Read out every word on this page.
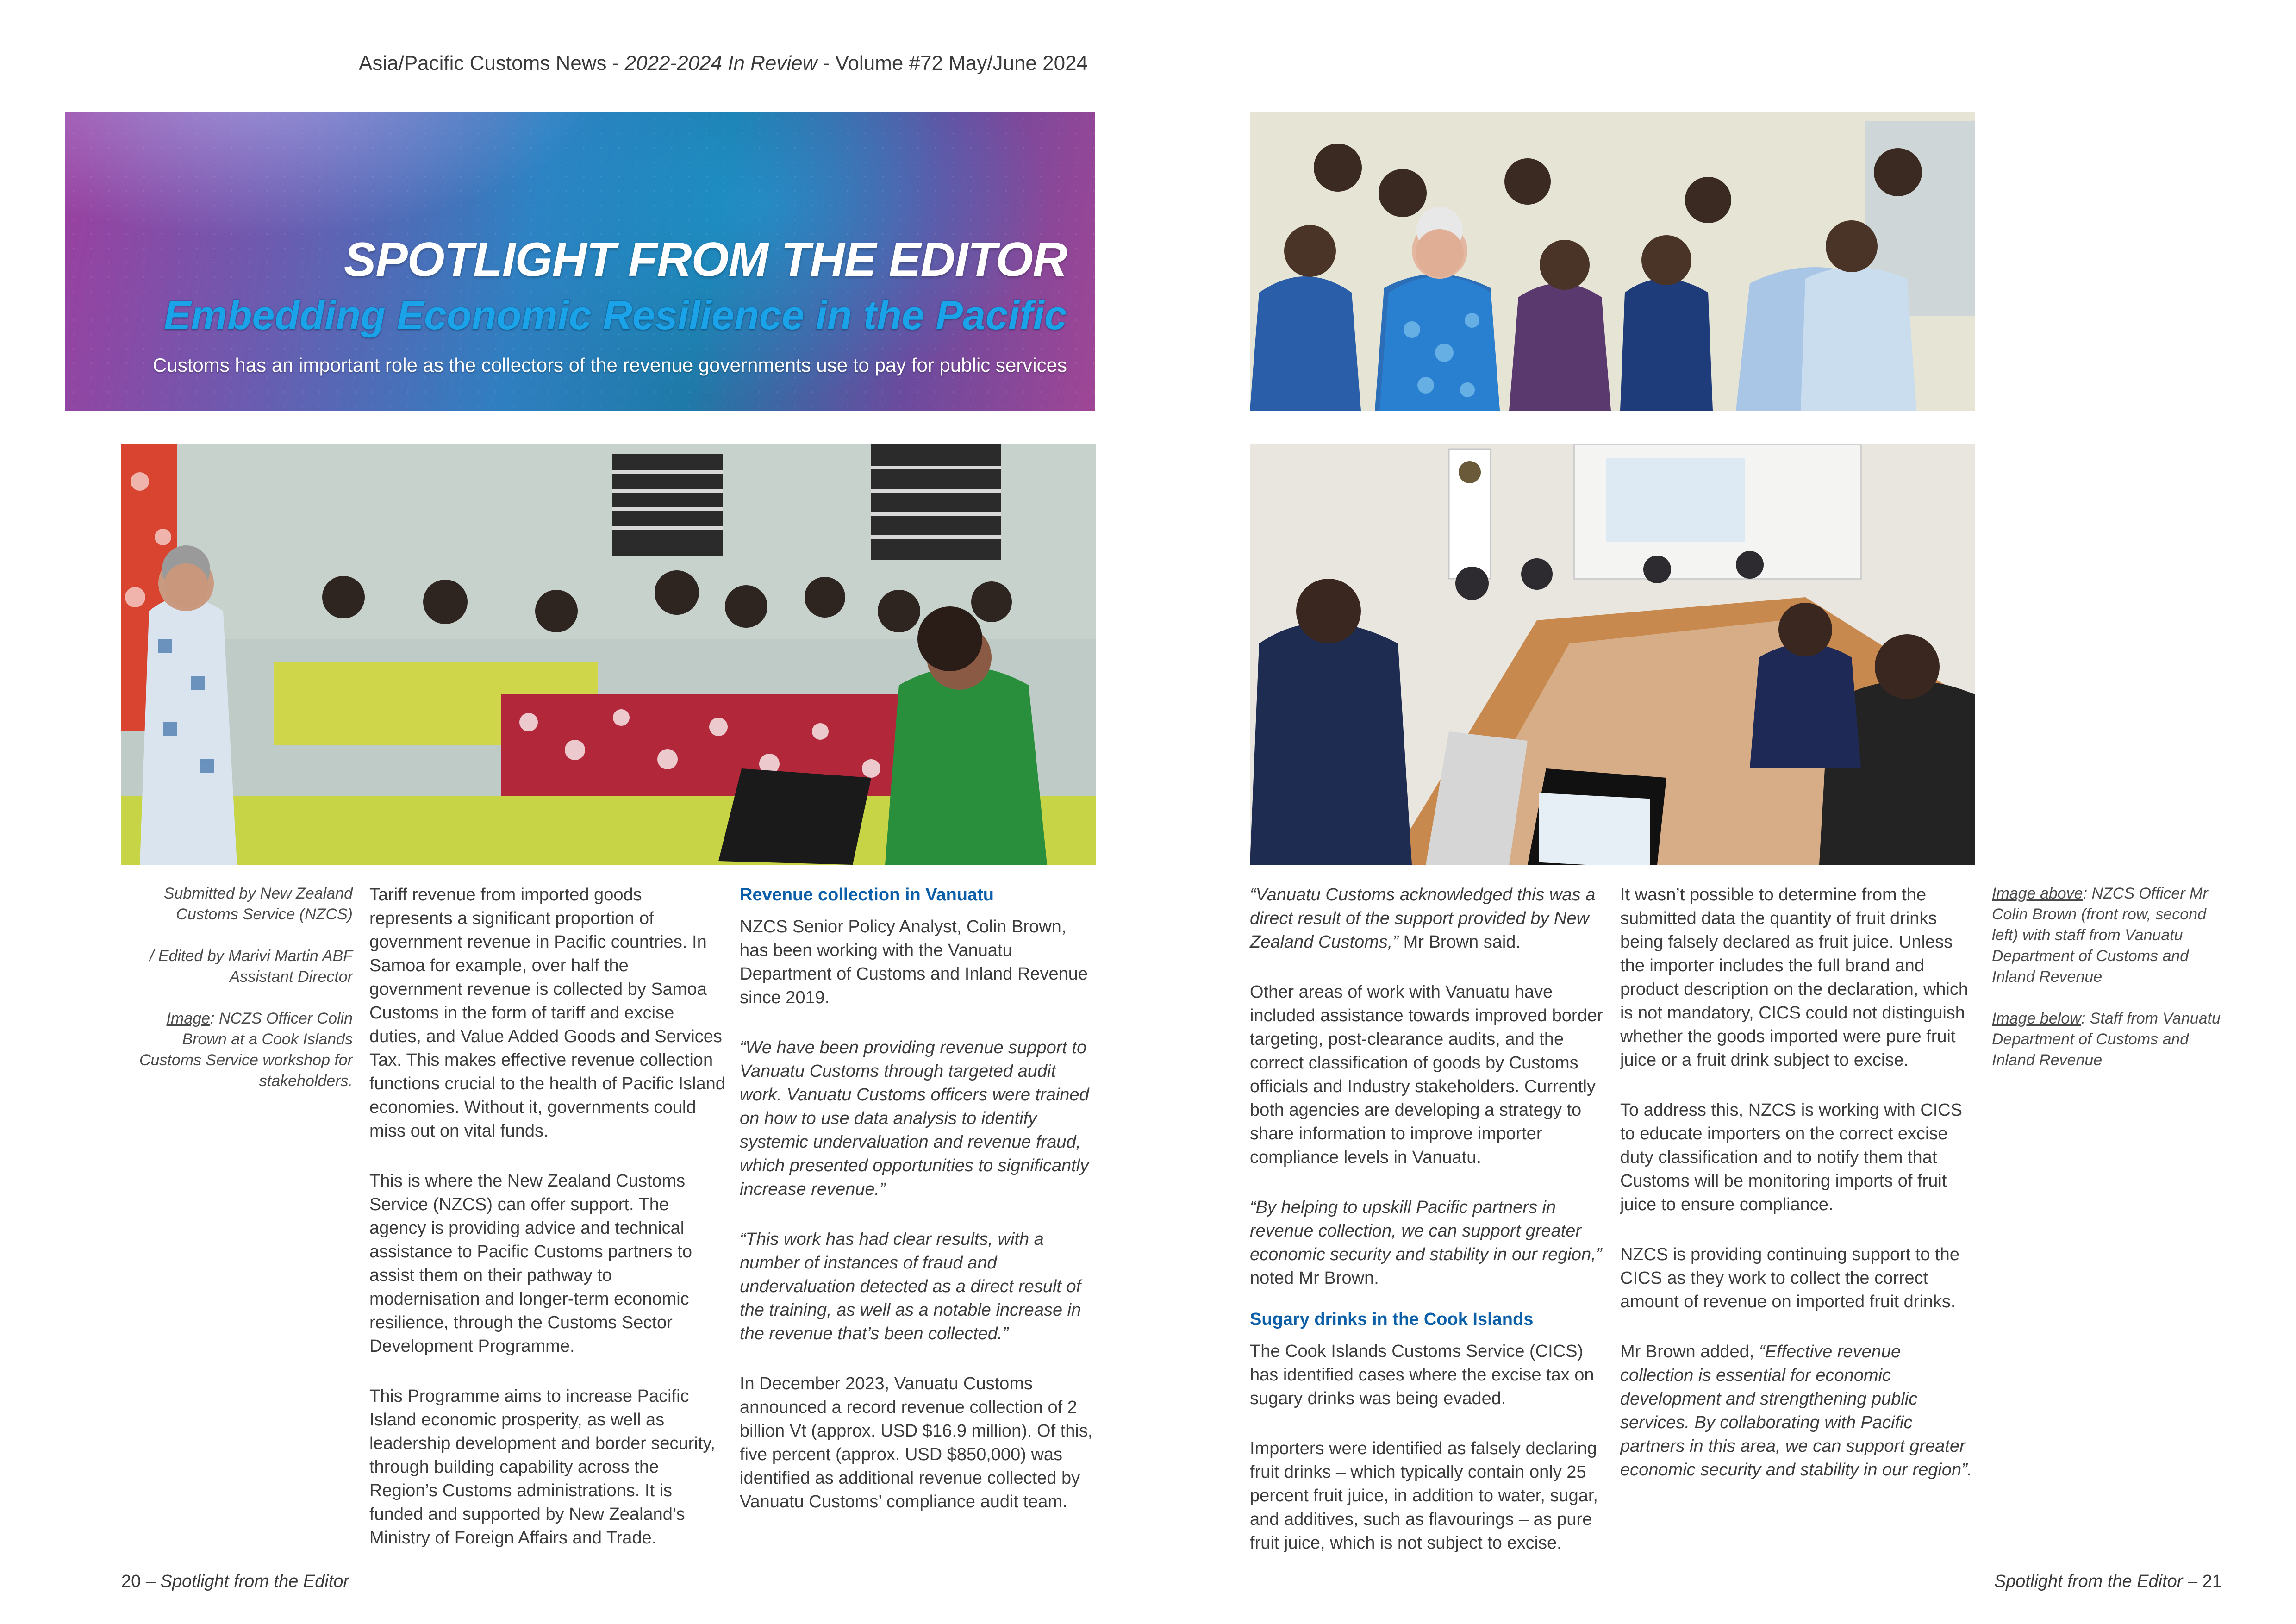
Asia/Pacific Customs News - 2022-2024 In Review - Volume #72 May/June 2024
SPOTLIGHT FROM THE EDITOR
Embedding Economic Resilience in the Pacific
Customs has an important role as the collectors of the revenue governments use to pay for public services

Submitted by New Zealand Customs Service (NZCS)

/ Edited by Marivi Martin ABF Assistant Director

Image: NCZS Officer Colin Brown at a Cook Islands Customs Service workshop for stakeholders.

Tariff revenue from imported goods represents a significant proportion of government revenue in Pacific countries. In Samoa for example, over half the government revenue is collected by Samoa Customs in the form of tariff and excise duties, and Value Added Goods and Services Tax. This makes effective revenue collection functions crucial to the health of Pacific Island economies. Without it, governments could miss out on vital funds.

This is where the New Zealand Customs Service (NZCS) can offer support. The agency is providing advice and technical assistance to Pacific Customs partners to assist them on their pathway to modernisation and longer-term economic resilience, through the Customs Sector Development Programme.

This Programme aims to increase Pacific Island economic prosperity, as well as leadership development and border security, through building capability across the Region’s Customs administrations. It is funded and supported by New Zealand’s Ministry of Foreign Affairs and Trade.

Revenue collection in Vanuatu

NZCS Senior Policy Analyst, Colin Brown, has been working with the Vanuatu Department of Customs and Inland Revenue since 2019.

“We have been providing revenue support to Vanuatu Customs through targeted audit work. Vanuatu Customs officers were trained on how to use data analysis to identify systemic undervaluation and revenue fraud, which presented opportunities to significantly increase revenue.”

“This work has had clear results, with a number of instances of fraud and undervaluation detected as a direct result of the training, as well as a notable increase in the revenue that’s been collected.”

In December 2023, Vanuatu Customs announced a record revenue collection of 2 billion Vt (approx. USD $16.9 million). Of this, five percent (approx. USD $850,000) was identified as additional revenue collected by Vanuatu Customs’ compliance audit team.

“Vanuatu Customs acknowledged this was a direct result of the support provided by New Zealand Customs,” Mr Brown said.

Other areas of work with Vanuatu have included assistance towards improved border targeting, post-clearance audits, and the correct classification of goods by Customs officials and Industry stakeholders. Currently both agencies are developing a strategy to share information to improve importer compliance levels in Vanuatu.

“By helping to upskill Pacific partners in revenue collection, we can support greater economic security and stability in our region,” noted Mr Brown.

Sugary drinks in the Cook Islands

The Cook Islands Customs Service (CICS) has identified cases where the excise tax on sugary drinks was being evaded.

Importers were identified as falsely declaring fruit drinks – which typically contain only 25 percent fruit juice, in addition to water, sugar, and additives, such as flavourings – as pure fruit juice, which is not subject to excise.

It wasn’t possible to determine from the submitted data the quantity of fruit drinks being falsely declared as fruit juice. Unless the importer includes the full brand and product description on the declaration, which is not mandatory, CICS could not distinguish whether the goods imported were pure fruit juice or a fruit drink subject to excise.

To address this, NZCS is working with CICS to educate importers on the correct excise duty classification and to notify them that Customs will be monitoring imports of fruit juice to ensure compliance.

NZCS is providing continuing support to the CICS as they work to collect the correct amount of revenue on imported fruit drinks.

Mr Brown added, “Effective revenue collection is essential for economic development and strengthening public services. By collaborating with Pacific partners in this area, we can support greater economic security and stability in our region”.

Image above: NZCS Officer Mr Colin Brown (front row, second left) with staff from Vanuatu Department of Customs and Inland Revenue

Image below: Staff from Vanuatu Department of Customs and Inland Revenue

20 – Spotlight from the Editor	Spotlight from the Editor – 21
